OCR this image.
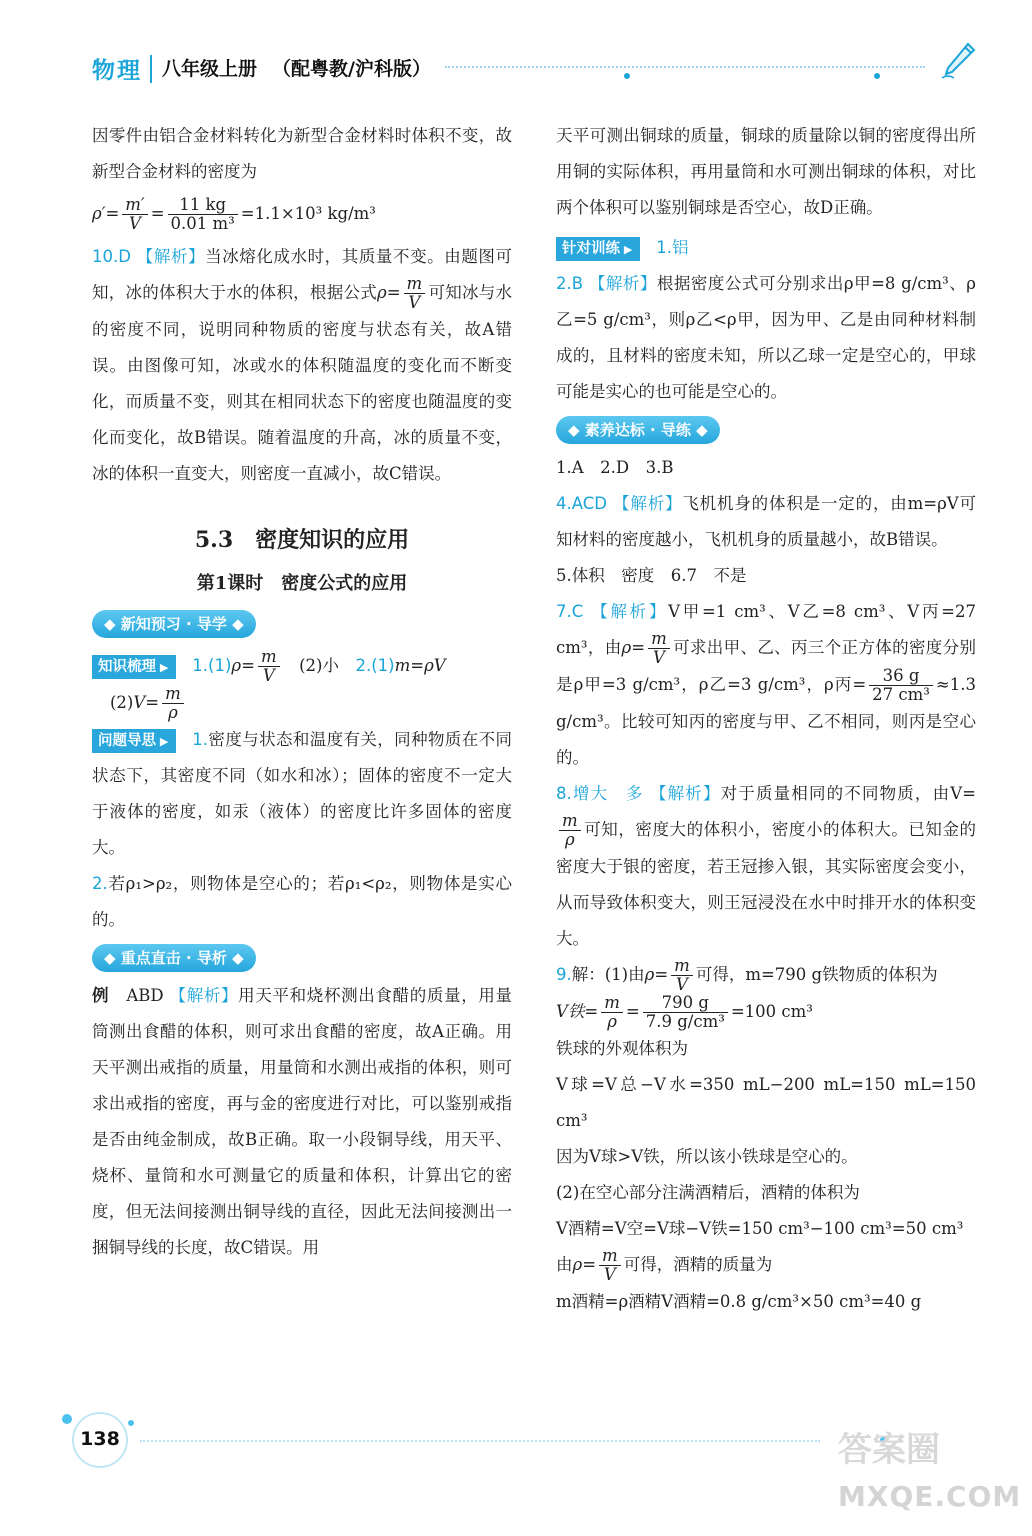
物理 八年级上册 （配粤教/沪科版）

因零件由铝合金材料转化为新型合金材料时体积不变，故新型合金材料的密度为

$\rho'= \frac{m'}{V} = \frac{11 kg}{\text{0.01 m³}} =1.1\times 10^3$ kg/m³

10.D 【解析】当冰熔化成水时，其质量不变。由题图可知，冰的体积大于水的体积，根据公式$\rho= \frac{m}{V}$ 可知冰与水的密度不同，说明同种物质的密度与状态有关，故A错误。由图像可知，冰或水的体积随温度的变化而不断变化，而质量不变，则其在相同状态下的密度也随温度的变化而变化，故B错误。随着温度的升高，冰的质量不变，冰的体积一直变大，则密度一直减小，故C错误。

5.3　密度知识的应用
第1课时　密度公式的应用
◆ 新知预习 · 导学 ◆

知识梳理 ▶ $1.(1)\rho= \frac{m}{V}$
　 (2)小　 2.(1)m=ρV

$(2)V= \frac{m}{\rho}$

问题导思 ▶ 1.密度与状态和温度有关，同种物质在不同状态下，其密度不同（如水和冰）；固体的密度不一定大于液体的密度，如汞（液体）的密度比许多固体的密度大。

2.若ρ₁>ρ₂，则物体是空心的；若ρ₁<ρ₂，则物体是实心的。

◆ 重点直击 · 导析 ◆

例　 ABD 【解析】用天平和烧杯测出食醋的质量，用量筒测出食醋的体积，则可求出食醋的密度，故A正确。用天平测出戒指的质量，用量筒和水测出戒指的体积，则可求出戒指的密度，再与金的密度进行对比，可以鉴别戒指是否由纯金制成，故B正确。取一小段铜导线，用天平、烧杯、量筒和水可测量它的质量和体积，计算出它的密度，但无法间接测出铜导线的直径，因此无法间接测出一捆铜导线的长度，故C错误。用

天平可测出铜球的质量，铜球的质量除以铜的密度得出所用铜的实际体积，再用量筒和水可测出铜球的体积，对比两个体积可以鉴别铜球是否空心，故D正确。

针对训练 ▶ 1.铝

2.B 【解析】根据密度公式可分别求出ρ甲=8 g/cm³、ρ乙=5 g/cm³，则ρ乙<ρ甲，因为甲、乙是由同种材料制成的，且材料的密度未知，所以乙球一定是空心的，甲球可能是实心的也可能是空心的。

◆ 素养达标 · 导练 ◆

1.A　2.D　3.B

4.ACD 【解析】飞机机身的体积是一定的，由m=ρV可知材料的密度越小，飞机机身的质量越小，故B错误。

5.体积　密度　6.7　不是

7.C 【解析】V甲=1 cm³、V乙=8 cm³、V丙=27 cm³，由$\rho= \frac{m}{V}$ 可求出甲、乙、丙三个正方体的密度分别是ρ甲=3 g/cm³，ρ乙=3 g/cm³，ρ丙= $\frac{36 g}{\text{27 cm³}} \approx 1.3$ g/cm³。比较可知丙的密度与甲、乙不相同，则丙是空心的。

8.增大　多 【解析】对于质量相同的不同物质，由V=
$\frac{m}{\rho}$ 可知，密度大的体积小，密度小的体积大。已知金的密度大于银的密度，若王冠掺入银，其实际密度会变小，从而导致体积变大，则王冠浸没在水中时排开水的体积变大。

9.解：(1)由$\rho= \frac{m}{V}$ 可得，m=790 g铁物质的体积为

V铁= $\frac{m}{\rho} = \frac{790 g}{\text{7.9 g/cm³}} =100$ cm³

铁球的外观体积为

V球=V总−V水=350 mL−200 mL=150 mL=150 cm³

因为V球>V铁，所以该小铁球是空心的。

(2)在空心部分注满酒精后，酒精的体积为

V酒精=V空=V球−V铁=150 cm³−100 cm³=50 cm³

由$\rho= \frac{m}{V}$ 可得，酒精的质量为

m酒精=ρ酒精V酒精=0.8 g/cm³×50 cm³=40 g

138	答案圈
MXQE.COM
